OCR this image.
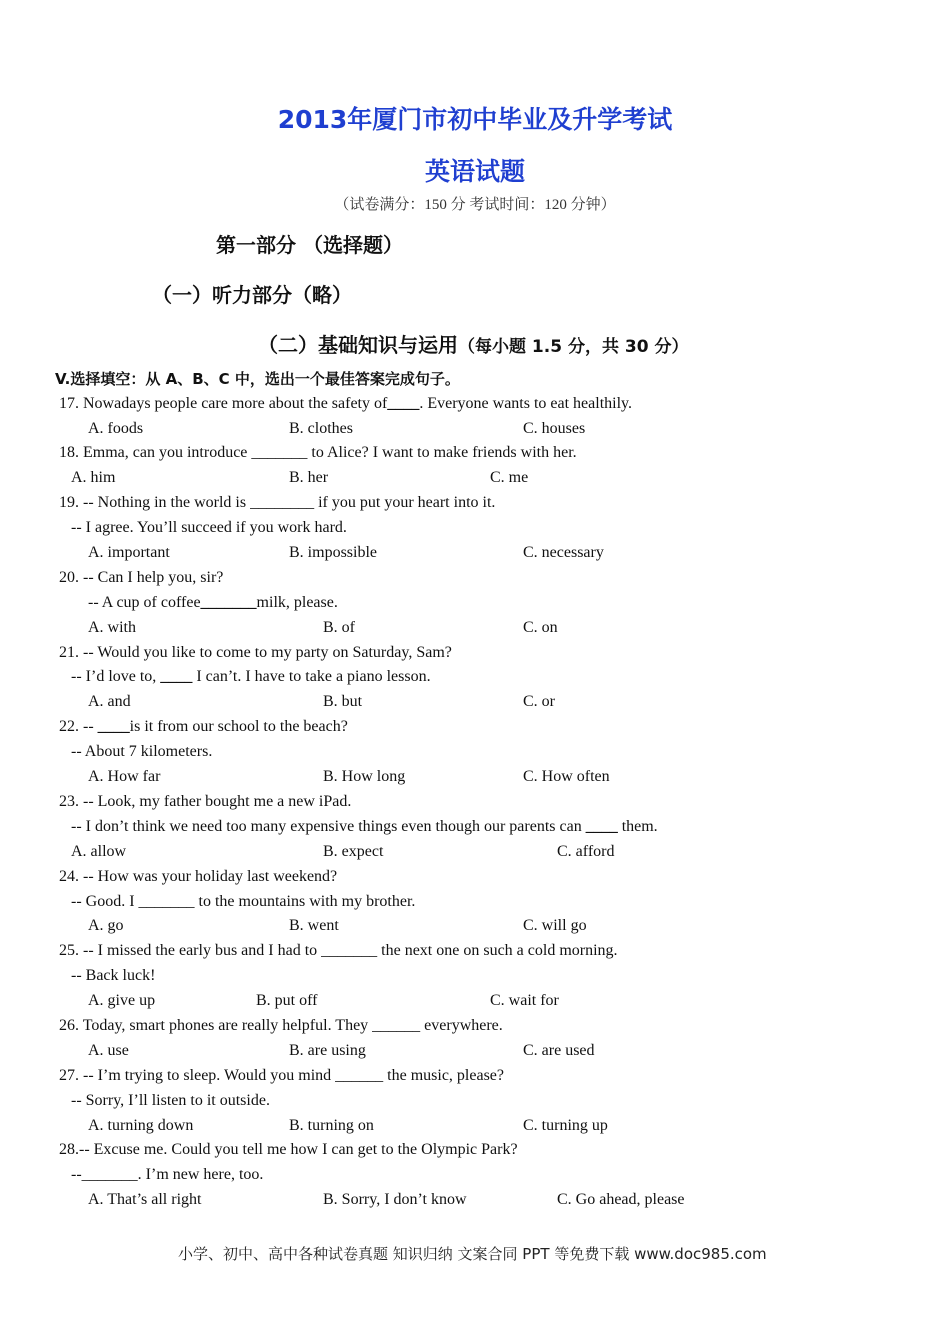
2013年厦门市初中毕业及升学考试
英语试题
（试卷满分：150 分 考试时间：120 分钟）
第一部分 （选择题）
（一）听力部分（略）
（二）基础知识与运用（每小题 1.5 分，共 30 分）
V.选择填空：从 A、B、C 中，选出一个最佳答案完成句子。
17. Nowadays people care more about the safety of____. Everyone wants to eat healthily.
A. foods	B. clothes	C. houses
18. Emma, can you introduce _______ to Alice? I want to make friends with her.
A. him	B. her	C. me
19. -- Nothing in the world is ________ if you put your heart into it.
-- I agree. You’ll succeed if you work hard.
A. important	B. impossible	C. necessary
20. -- Can I help you, sir?
-- A cup of coffee_______milk, please.
A. with	B. of	C. on
21. -- Would you like to come to my party on Saturday, Sam?
-- I’d love to, ____ I can’t. I have to take a piano lesson.
A. and	B. but	C. or
22. -- ____is it from our school to the beach?
-- About 7 kilometers.
A. How far	B. How long	C. How often
23. -- Look, my father bought me a new iPad.
-- I don’t think we need too many expensive things even though our parents can ____ them.
A. allow	B. expect	C. afford
24. -- How was your holiday last weekend?
-- Good. I _______ to the mountains with my brother.
A. go	B. went	C. will go
25. -- I missed the early bus and I had to _______ the next one on such a cold morning.
-- Back luck!
A. give up	B. put off	C. wait for
26. Today, smart phones are really helpful. They ______ everywhere.
A. use	B. are using	C. are used
27. -- I’m trying to sleep. Would you mind ______ the music, please?
-- Sorry, I’ll listen to it outside.
A. turning down	B. turning on	C. turning up
28.-- Excuse me. Could you tell me how I can get to the Olympic Park?
--_______. I’m new here, too.
A. That’s all right	B. Sorry, I don’t know	C. Go ahead, please
小学、初中、高中各种试卷真题 知识归纳 文案合同 PPT 等免费下载 www.doc985.com
